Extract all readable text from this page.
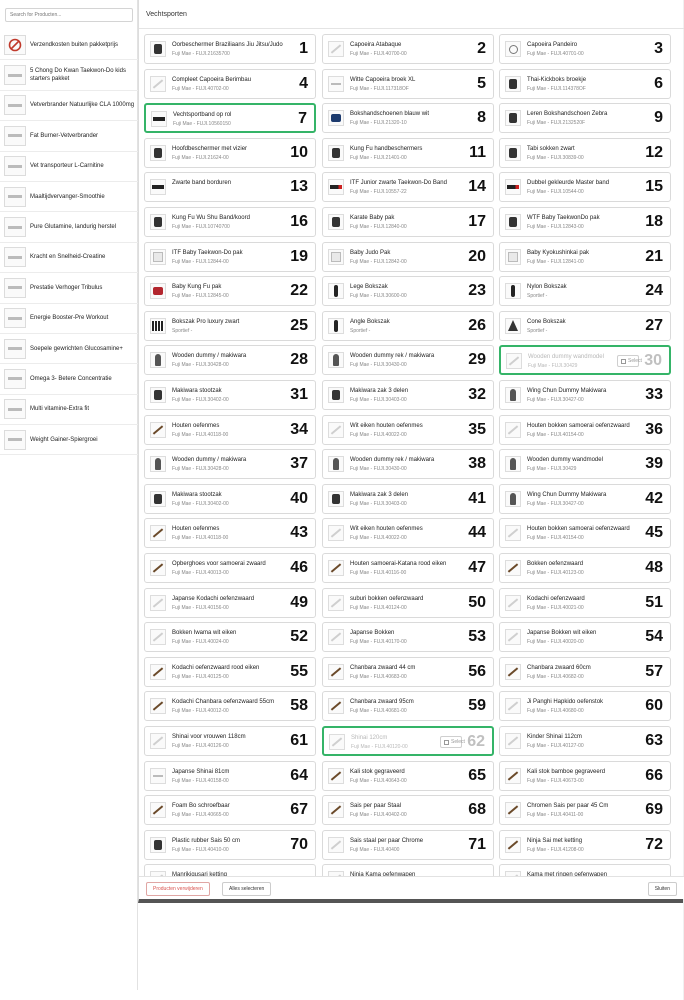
Search for Producten...
Verzendkosten buiten pakketprijs
5 Chong Do Kwan Taekwon-Do kids starters pakket
Vetverbrander Natuurlijke CLA 1000mg
Fat Burner-Vetverbrander
Vet transporteur L-Carnitine
Maaltijdvervanger-Smoothie
Pure Glutamine, landurig herstel
Kracht en Snelheid-Creatine
Prestatie Verhoger Tribulus
Energie Booster-Pre Workout
Soepele gewrichten Glucosamine+
Omega 3- Betere Concentratie
Multi vitamine-Extra fit
Weight Gainer-Spiergroei
Vechtsporten
Oorbeschermer Braziliaans Jiu Jitsu/Judo
Fuji Mae - FUJI.21635700	1	Capoeira Atabaque
Fuji Mae - FUJI.40700-00	2	Capoeira Pandeiro
Fuji Mae - FUJI.40701-00	3
Compleet Capoeira Berimbau
Fuji Mae - FUJI.40702-00	4	Witte Capoeira broek XL
Fuji Mae - FUJI.117318OF	5	Thai-Kickboks broekje
Fuji Mae - FUJI.114378OF	6
Vechtsportband op rol
Fuji Mae - FUJI.10560150	7	Bokshandschoenen blauw wit
Fuji Mae - FUJI.21320-10	8	Leren Bokshandschoen Zebra
Fuji Mae - FUJI.2132520F	9
Hoofdbeschermer met vizier
Fuji Mae - FUJI.21624-00	10	Kung Fu handbeschermers
Fuji Mae - FUJI.21401-00	11	Tabi sokken zwart
Fuji Mae - FUJI.30839-00	12
Zwarte band borduren	13	ITF Junior zwarte Taekwon-Do Band
Fuji Mae - FUJI.10557-22	14	Dubbel gekleurde Master band
Fuji Mae - FUJI.10544-00	15
Kung Fu Wu Shu Band/koord
Fuji Mae - FUJI.10740700	16	Karate Baby pak
Fuji Mae - FUJI.12840-00	17	WTF Baby TaekwonDo pak
Fuji Mae - FUJI.12843-00	18
ITF Baby Taekwon-Do pak
Fuji Mae - FUJI.12844-00	19	Baby Judo Pak
Fuji Mae - FUJI.12842-00	20	Baby Kyokushinkai pak
Fuji Mae - FUJI.12841-00	21
Baby Kung Fu pak
Fuji Mae - FUJI.12845-00	22	Lege Bokszak
Fuji Mae - FUJI.30600-00	23	Nylon Bokszak
Sportief -	24
Bokszak Pro luxury zwart
Sportief -	25	Angle Bokszak
Sportief -	26	Cone Bokszak
Sportief -	27
Wooden dummy / makiwara
Fuji Mae - FUJI.30428-00	28	Wooden dummy rek / makiwara
Fuji Mae - FUJI.30430-00	29	Wooden dummy wandmodel
Fuji Mae - FUJI.30429
Select 30
Makiwara stootzak
Fuji Mae - FUJI.30402-00	31	Makiwara zak 3 delen
Fuji Mae - FUJI.30403-00	32	Wing Chun Dummy Makiwara
Fuji Mae - FUJI.30427-00	33
Houten oefenmes
Fuji Mae - FUJI.40118-00	34	Wit eiken houten oefenmes
Fuji Mae - FUJI.40022-00	35	Houten bokken samoerai oefenzwaard
Fuji Mae - FUJI.40154-00	36
Wooden dummy / makiwara
Fuji Mae - FUJI.30428-00	37	Wooden dummy rek / makiwara
Fuji Mae - FUJI.30430-00	38	Wooden dummy wandmodel
Fuji Mae - FUJI.30429	39
Makiwara stootzak
Fuji Mae - FUJI.30402-00	40	Makiwara zak 3 delen
Fuji Mae - FUJI.30403-00	41	Wing Chun Dummy Makiwara
Fuji Mae - FUJI.30427-00	42
Houten oefenmes
Fuji Mae - FUJI.40118-00	43	Wit eiken houten oefenmes
Fuji Mae - FUJI.40022-00	44	Houten bokken samoerai oefenzwaard
Fuji Mae - FUJI.40154-00	45
Opberghoes voor samoerai zwaard
Fuji Mae - FUJI.40013-00	46	Houten samoerai-Katana rood eiken
Fuji Mae - FUJI.40116-00	47	Bokken oefenzwaard
Fuji Mae - FUJI.40123-00	48
Japanse Kodachi oefenzwaard
Fuji Mae - FUJI.40156-00	49	suburi bokken oefenzwaard
Fuji Mae - FUJI.40124-00	50	Kodachi oefenzwaard
Fuji Mae - FUJI.40021-00	51
Bokken Iwama wit eiken
Fuji Mae - FUJI.40024-00	52	Japanse Bokken
Fuji Mae - FUJI.40170-00	53	Japanse Bokken wit eiken
Fuji Mae - FUJI.40020-00	54
Kodachi oefenzwaard rood eiken
Fuji Mae - FUJI.40125-00	55	Chanbara zwaard 44 cm
Fuji Mae - FUJI.40683-00	56	Chanbara zwaard 60cm
Fuji Mae - FUJI.40682-00	57
Kodachi Chanbara oefenzwaard 55cm
Fuji Mae - FUJI.40012-00	58	Chanbara zwaard 95cm
Fuji Mae - FUJI.40681-00	59	Ji Panghi Hapkido oefenstok
Fuji Mae - FUJI.40680-00	60
Shinai voor vrouwen 118cm
Fuji Mae - FUJI.40126-00	61	Shinai 120cm
Fuji Mae - FUJI.40120-00
Select 62	Kinder Shinai 112cm
Fuji Mae - FUJI.40127-00	63
Japanse Shinai 81cm
Fuji Mae - FUJI.40158-00	64	Kali stok gegraveerd
Fuji Mae - FUJI.40643-00	65	Kali stok bamboe gegraveerd
Fuji Mae - FUJI.40673-00	66
Foam Bo schroefbaar
Fuji Mae - FUJI.40665-00	67	Sais per paar Staal
Fuji Mae - FUJI.40402-00	68	Chromen Sais per paar 45 Cm
Fuji Mae - FUJI.40411-00	69
Plastic rubber Sais 50 cm
Fuji Mae - FUJI.40410-00	70	Sais staal per paar Chrome
Fuji Mae - FUJI.40400	71	Ninja Sai met ketting
Fuji Mae - FUJI.41208-00	72
Producten verwijderen	Alles selecteren	Sluiten
